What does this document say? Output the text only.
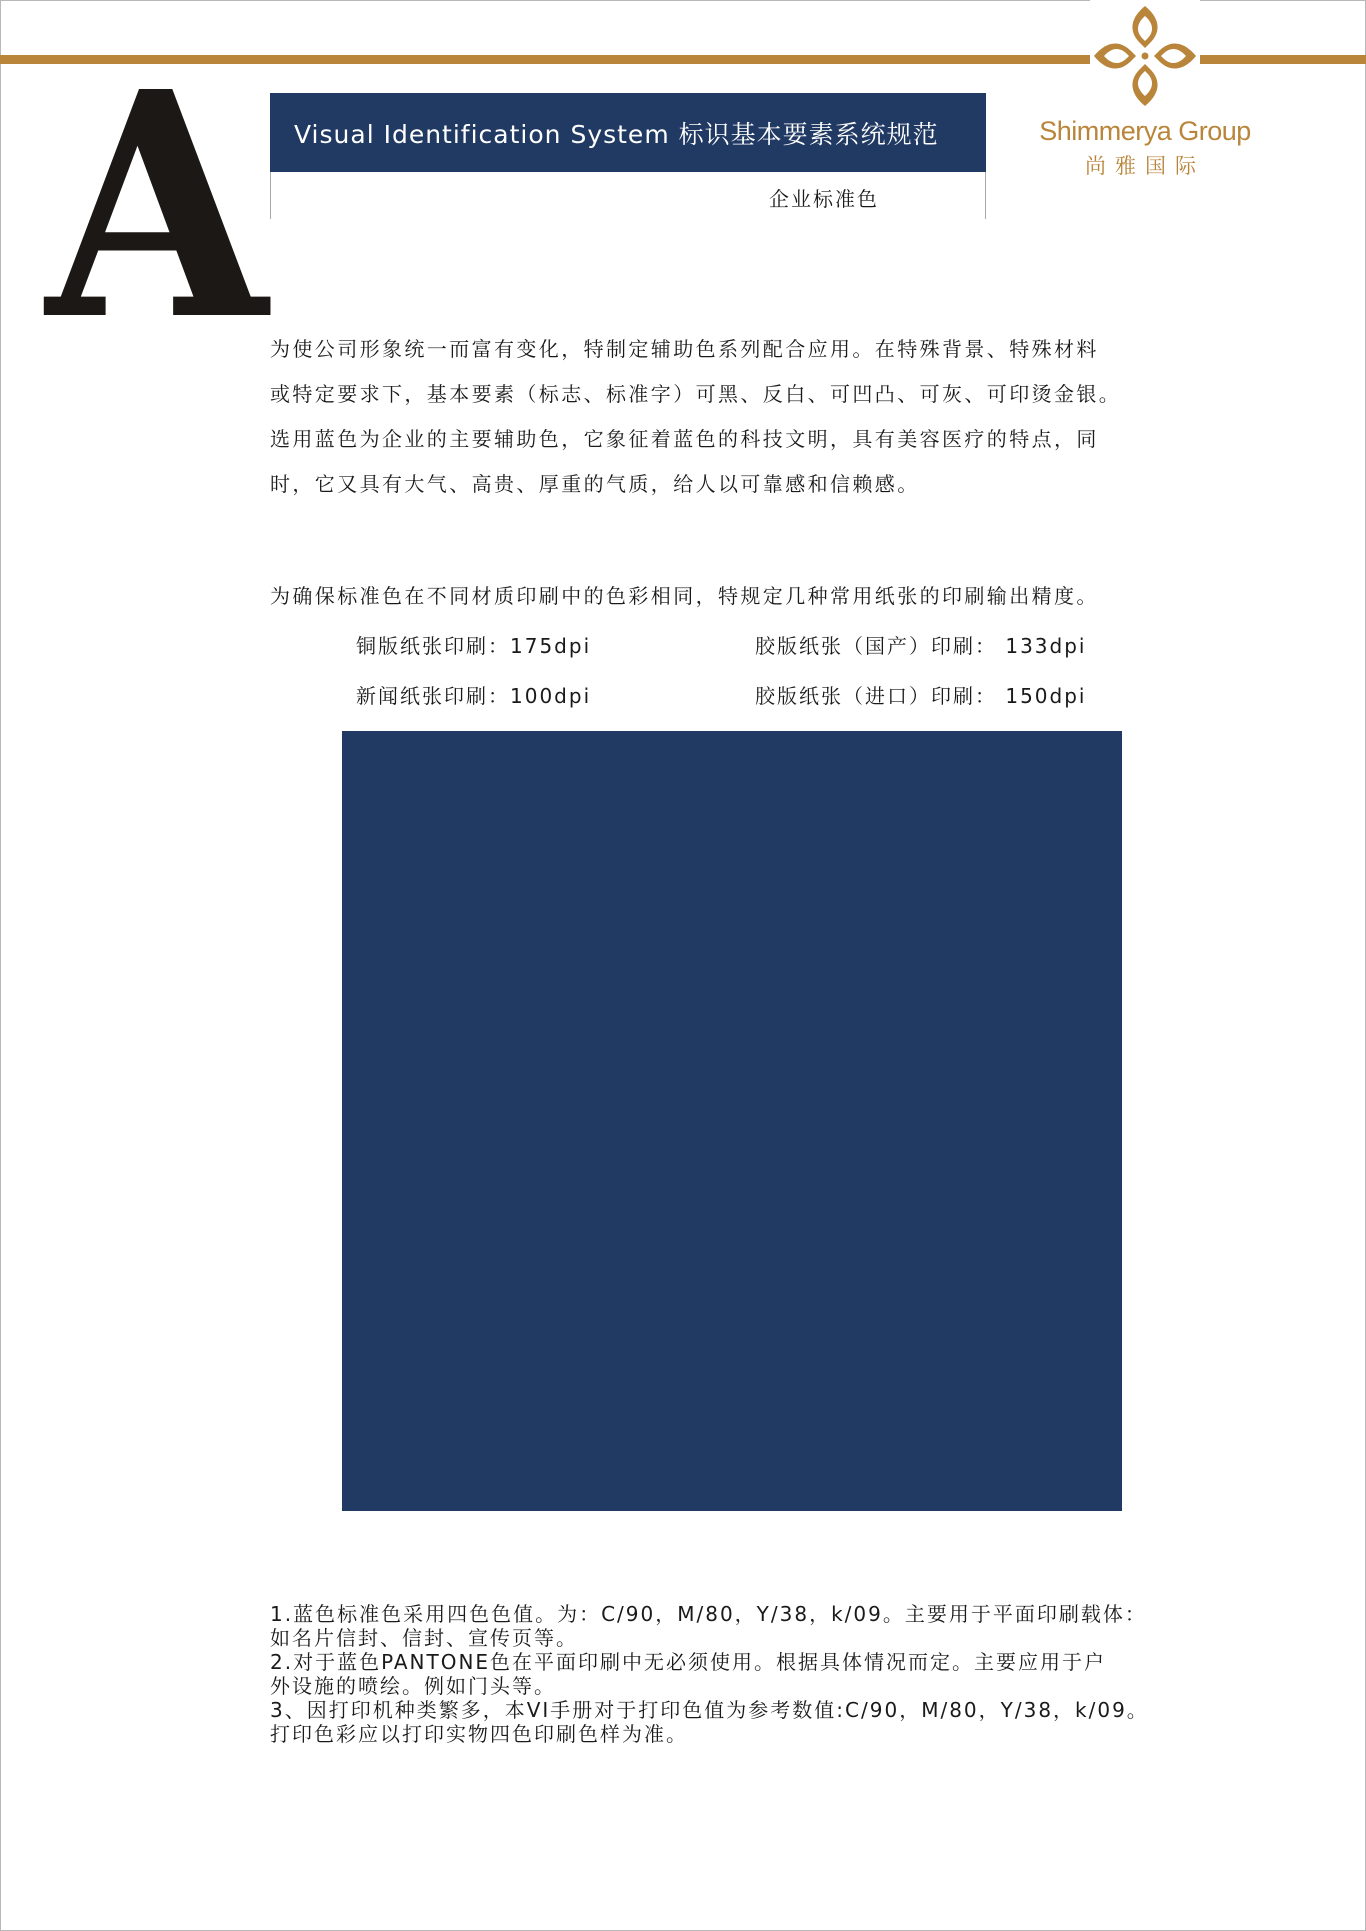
A Visual Identification System 标识基本要素系统规范
企业标准色
Shimmerya Group
尚雅国际

为使公司形象统一而富有变化，特制定辅助色系列配合应用。在特殊背景、特殊材料

或特定要求下，基本要素（标志、标准字）可黑、反白、可凹凸、可灰、可印烫金银。

选用蓝色为企业的主要辅助色，它象征着蓝色的科技文明，具有美容医疗的特点，同

时，它又具有大气、高贵、厚重的气质，给人以可靠感和信赖感。

为确保标准色在不同材质印刷中的色彩相同，特规定几种常用纸张的印刷输出精度。
铜版纸张印刷：175dpi	胶版纸张（国产）印刷： 133dpi
新闻纸张印刷：100dpi	胶版纸张（进口）印刷： 150dpi

1.蓝色标准色采用四色色值。为：C/90，M/80，Y/38，k/09。主要用于平面印刷载体：

如名片信封、信封、宣传页等。

2.对于蓝色PANTONE色在平面印刷中无必须使用。根据具体情况而定。主要应用于户

外设施的喷绘。例如门头等。

3、因打印机种类繁多，本VI手册对于打印色值为参考数值:C/90，M/80，Y/38，k/09。

打印色彩应以打印实物四色印刷色样为准。
